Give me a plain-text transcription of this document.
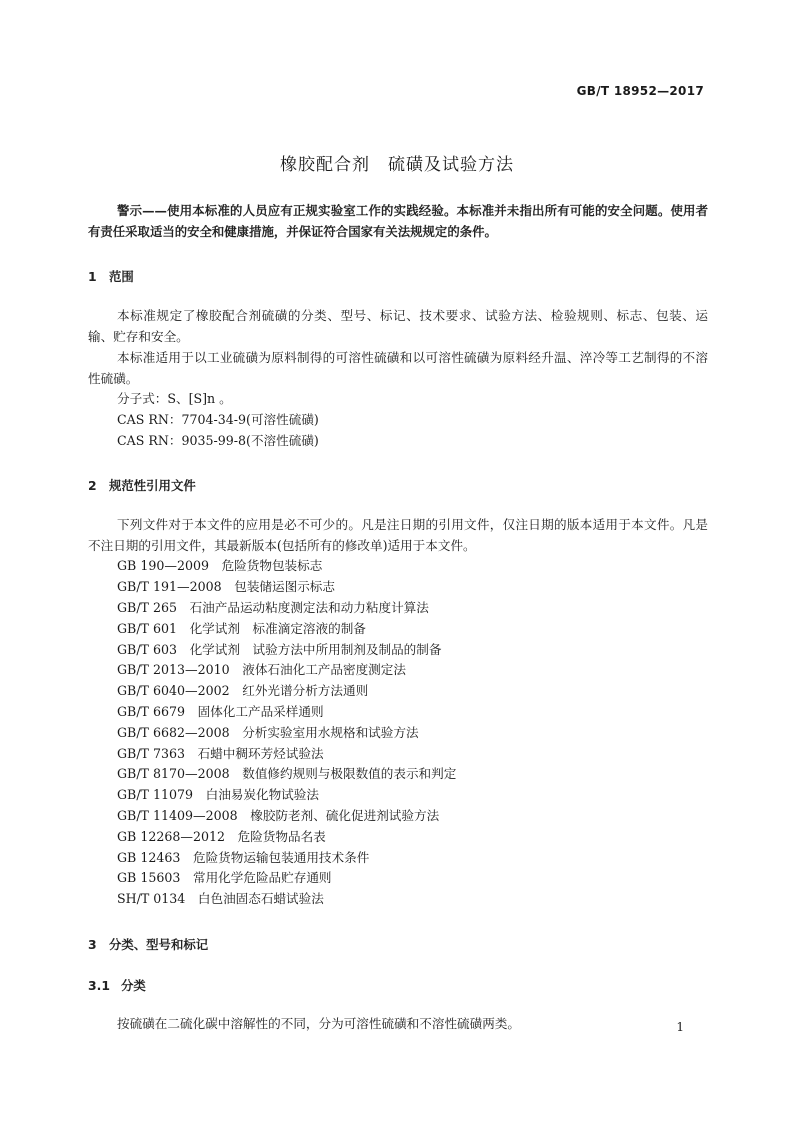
GB/T 18952—2017
橡胶配合剂　硫磺及试验方法

警示——使用本标准的人员应有正规实验室工作的实践经验。本标准并未指出所有可能的安全问题。使用者有责任采取适当的安全和健康措施，并保证符合国家有关法规规定的条件。

1 范围

本标准规定了橡胶配合剂硫磺的分类、型号、标记、技术要求、试验方法、检验规则、标志、包装、运输、贮存和安全。

本标准适用于以工业硫磺为原料制得的可溶性硫磺和以可溶性硫磺为原料经升温、淬冷等工艺制得的不溶性硫磺。

分子式：S、[S]n 。

CAS RN：7704-34-9(可溶性硫磺)

CAS RN：9035-99-8(不溶性硫磺)

2 规范性引用文件

下列文件对于本文件的应用是必不可少的。凡是注日期的引用文件，仅注日期的版本适用于本文件。凡是不注日期的引用文件，其最新版本(包括所有的修改单)适用于本文件。

GB 190—2009　危险货物包装标志

GB/T 191—2008　包装储运图示标志

GB/T 265　石油产品运动粘度测定法和动力粘度计算法

GB/T 601　化学试剂　标准滴定溶液的制备

GB/T 603　化学试剂　试验方法中所用制剂及制品的制备

GB/T 2013—2010　液体石油化工产品密度测定法

GB/T 6040—2002　红外光谱分析方法通则

GB/T 6679　固体化工产品采样通则

GB/T 6682—2008　分析实验室用水规格和试验方法

GB/T 7363　石蜡中稠环芳烃试验法

GB/T 8170—2008　数值修约规则与极限数值的表示和判定

GB/T 11079　白油易炭化物试验法

GB/T 11409—2008　橡胶防老剂、硫化促进剂试验方法

GB 12268—2012　危险货物品名表

GB 12463　危险货物运输包装通用技术条件

GB 15603　常用化学危险品贮存通则

SH/T 0134　白色油固态石蜡试验法

3 分类、型号和标记
3.1 分类

按硫磺在二硫化碳中溶解性的不同，分为可溶性硫磺和不溶性硫磺两类。	1
